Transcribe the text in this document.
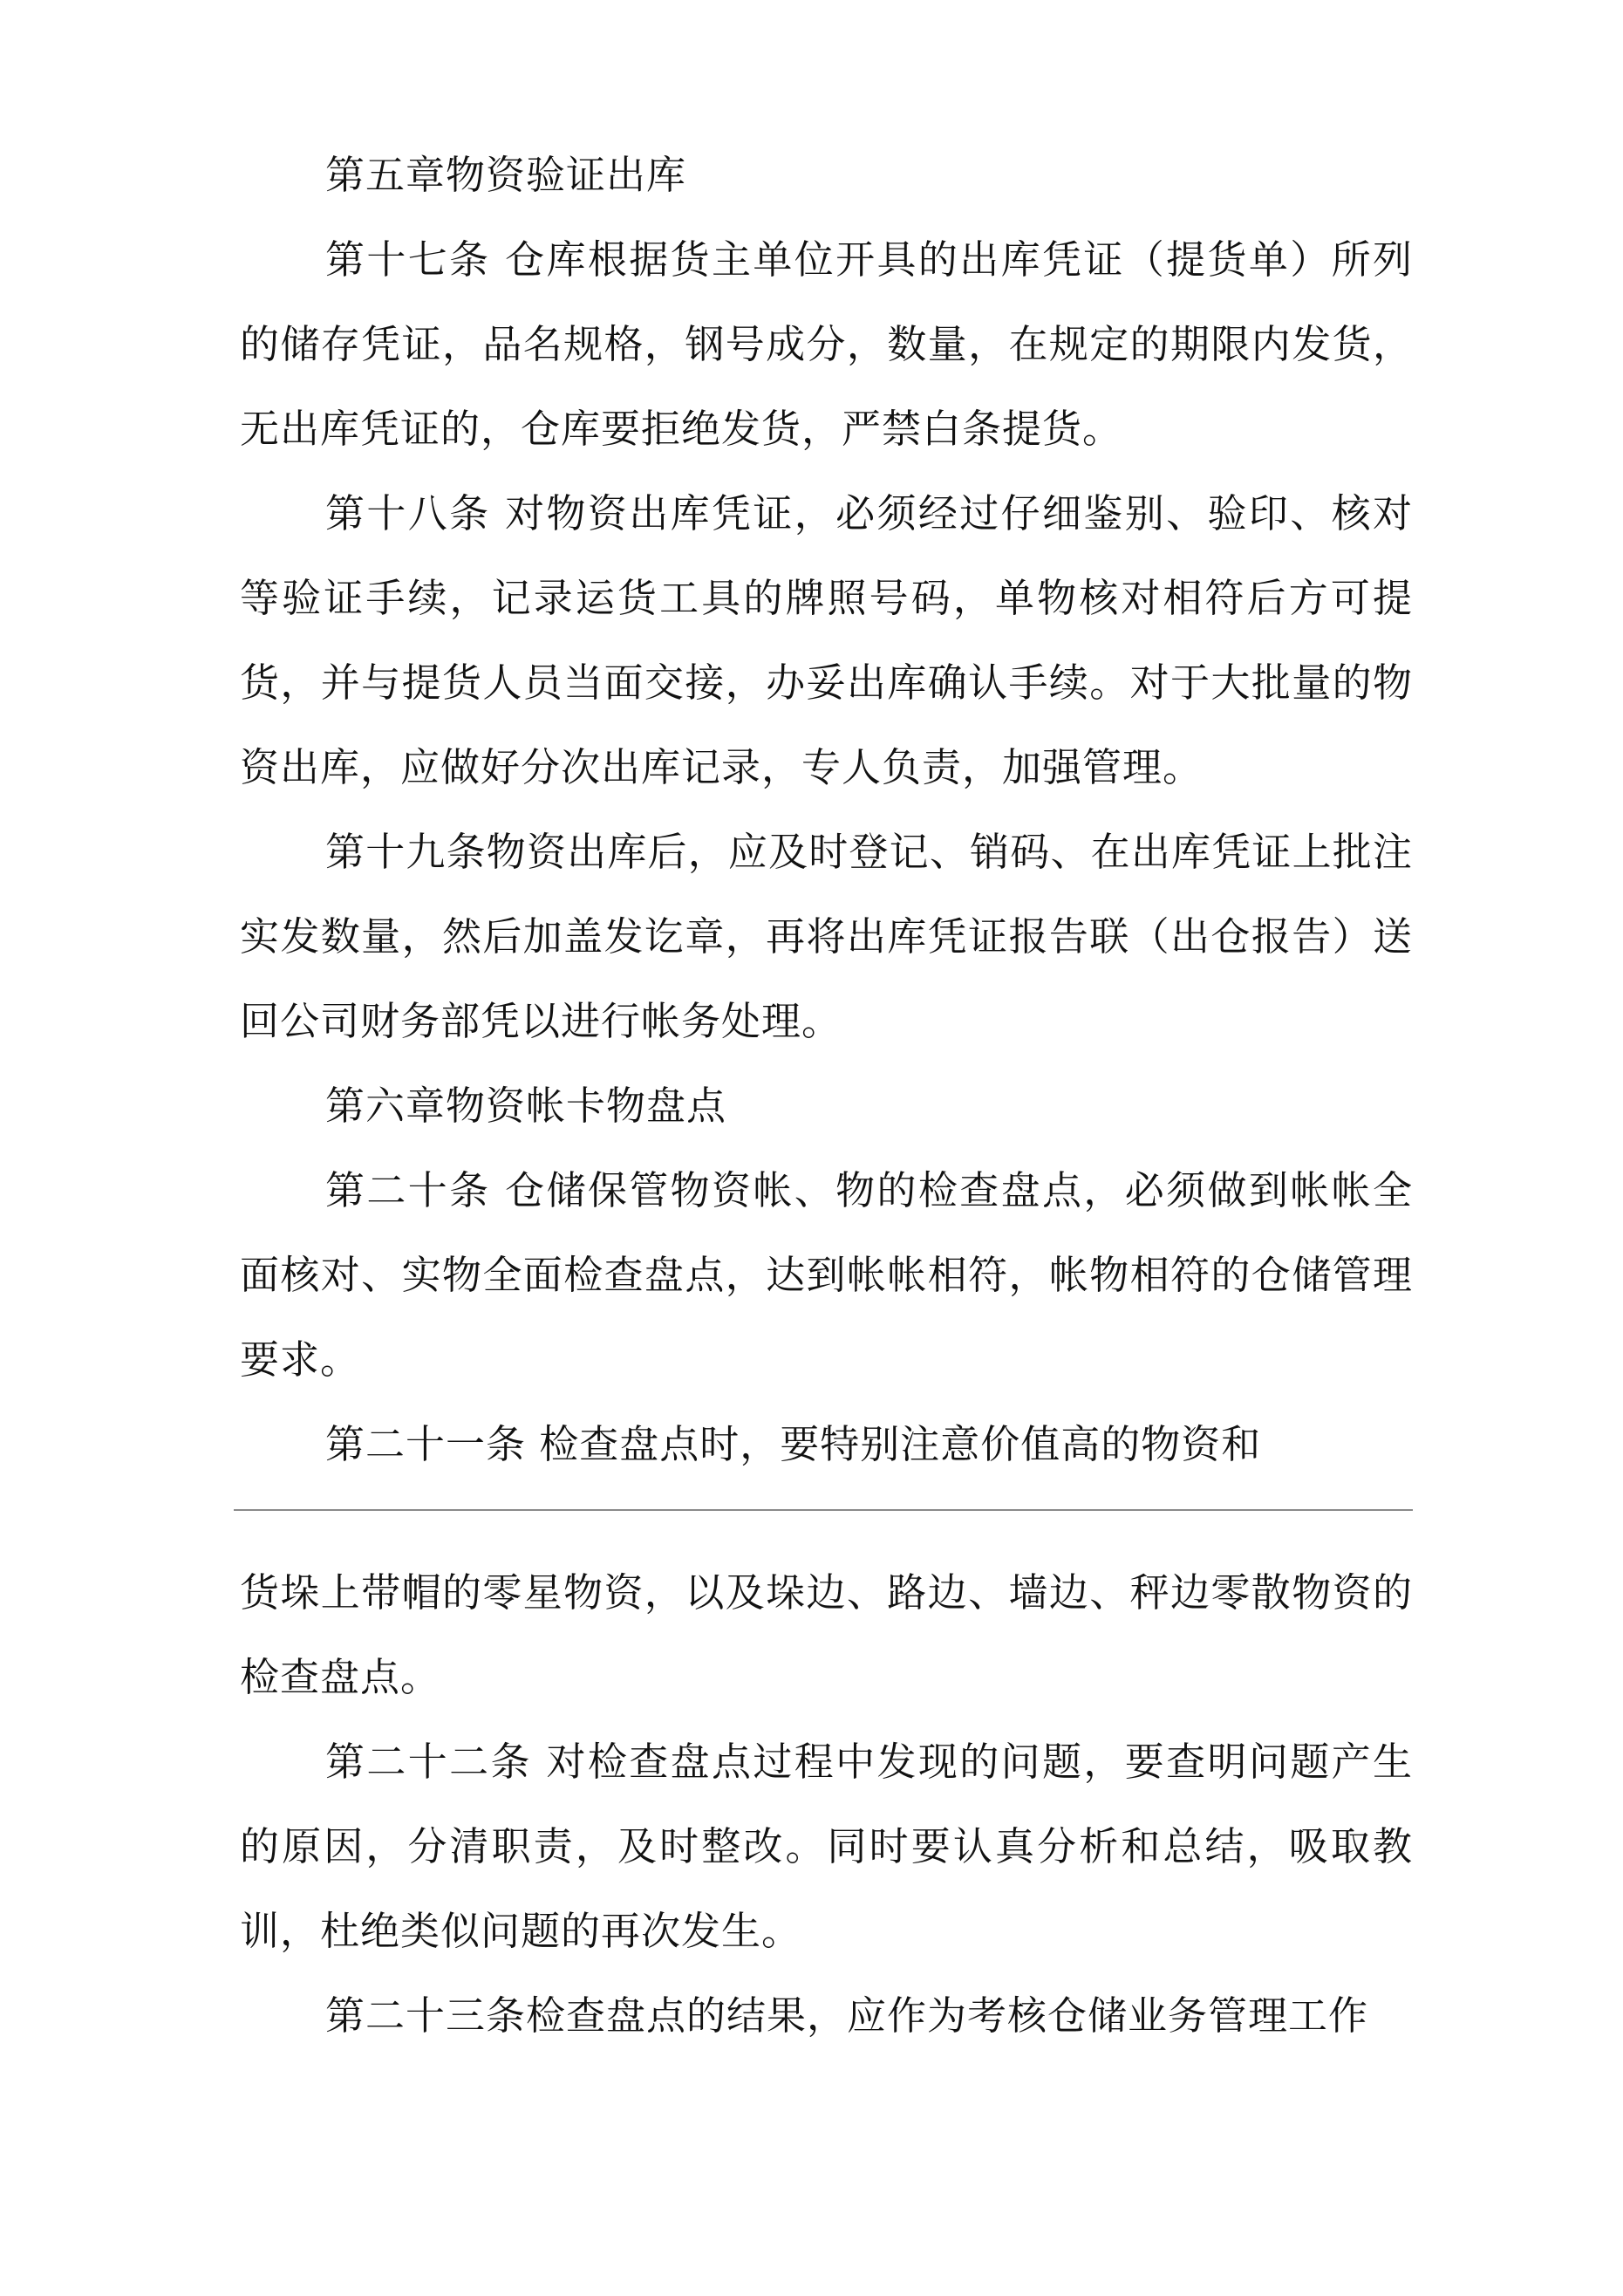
第五章物资验证出库

第十七条 仓库根据货主单位开具的出库凭证（提货单）所列的储存凭证，品名规格，钢号成分，数量，在规定的期限内发货，无出库凭证的，仓库要拒绝发货，严禁白条提货。

第十八条 对物资出库凭证，必须经过仔细鉴别、验印、核对等验证手续，记录运货工具的牌照号码，单物核对相符后方可提货，并与提货人员当面交接，办妥出库确认手续。对于大批量的物资出库，应做好分次出库记录，专人负责，加强管理。

第十九条物资出库后，应及时登记、销码、在出库凭证上批注实发数量，然后加盖发讫章，再将出库凭证报告联（出仓报告）送回公司财务部凭以进行帐务处理。

第六章物资帐卡物盘点

第二十条 仓储保管物资帐、物的检查盘点，必须做到帐帐全面核对、实物全面检查盘点，达到帐帐相符，帐物相符的仓储管理要求。

第二十一条 检查盘点时，要特别注意价值高的物资和

货垛上带帽的零星物资，以及垛边、路边、墙边、秤边零散物资的检查盘点。

第二十二条 对检查盘点过程中发现的问题，要查明问题产生的原因，分清职责，及时整改。同时要认真分析和总结，吸取教训，杜绝类似问题的再次发生。

第二十三条检查盘点的结果，应作为考核仓储业务管理工作
